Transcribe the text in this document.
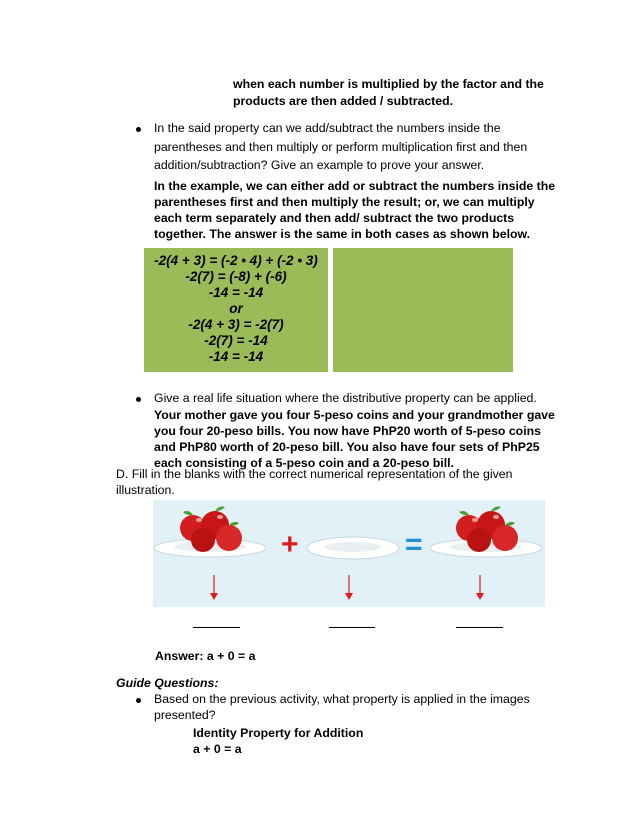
when each number is multiplied by the factor and the
products are then added / subtracted.
In the said property can we add/subtract the numbers inside the
parentheses and then multiply or perform multiplication first and then
addition/subtraction? Give an example to prove your answer.
In the example, we can either add or subtract the numbers inside the
parentheses first and then multiply the result; or, we can multiply
each term separately and then add/ subtract the two products
together. The answer is the same in both cases as shown below.
-2(4 + 3) = (-2 • 4) + (-2 • 3)
-2(7) = (-8) + (-6)
-14 = -14
or
-2(4 + 3) = -2(7)
-2(7) = -14
-14 = -14
Give a real life situation where the distributive property can be applied.
Your mother gave you four 5-peso coins and your grandmother gave
you four 20-peso bills. You now have PhP20 worth of 5-peso coins
and PhP80 worth of 20-peso bill. You also have four sets of PhP25
each consisting of a 5-peso coin and a 20-peso bill.
D. Fill in the blanks with the correct numerical representation of the given
illustration.
+	=
Answer: a + 0 = a
Guide Questions:
Based on the previous activity, what property is applied in the images
presented?
Identity Property for Addition
a + 0 = a
